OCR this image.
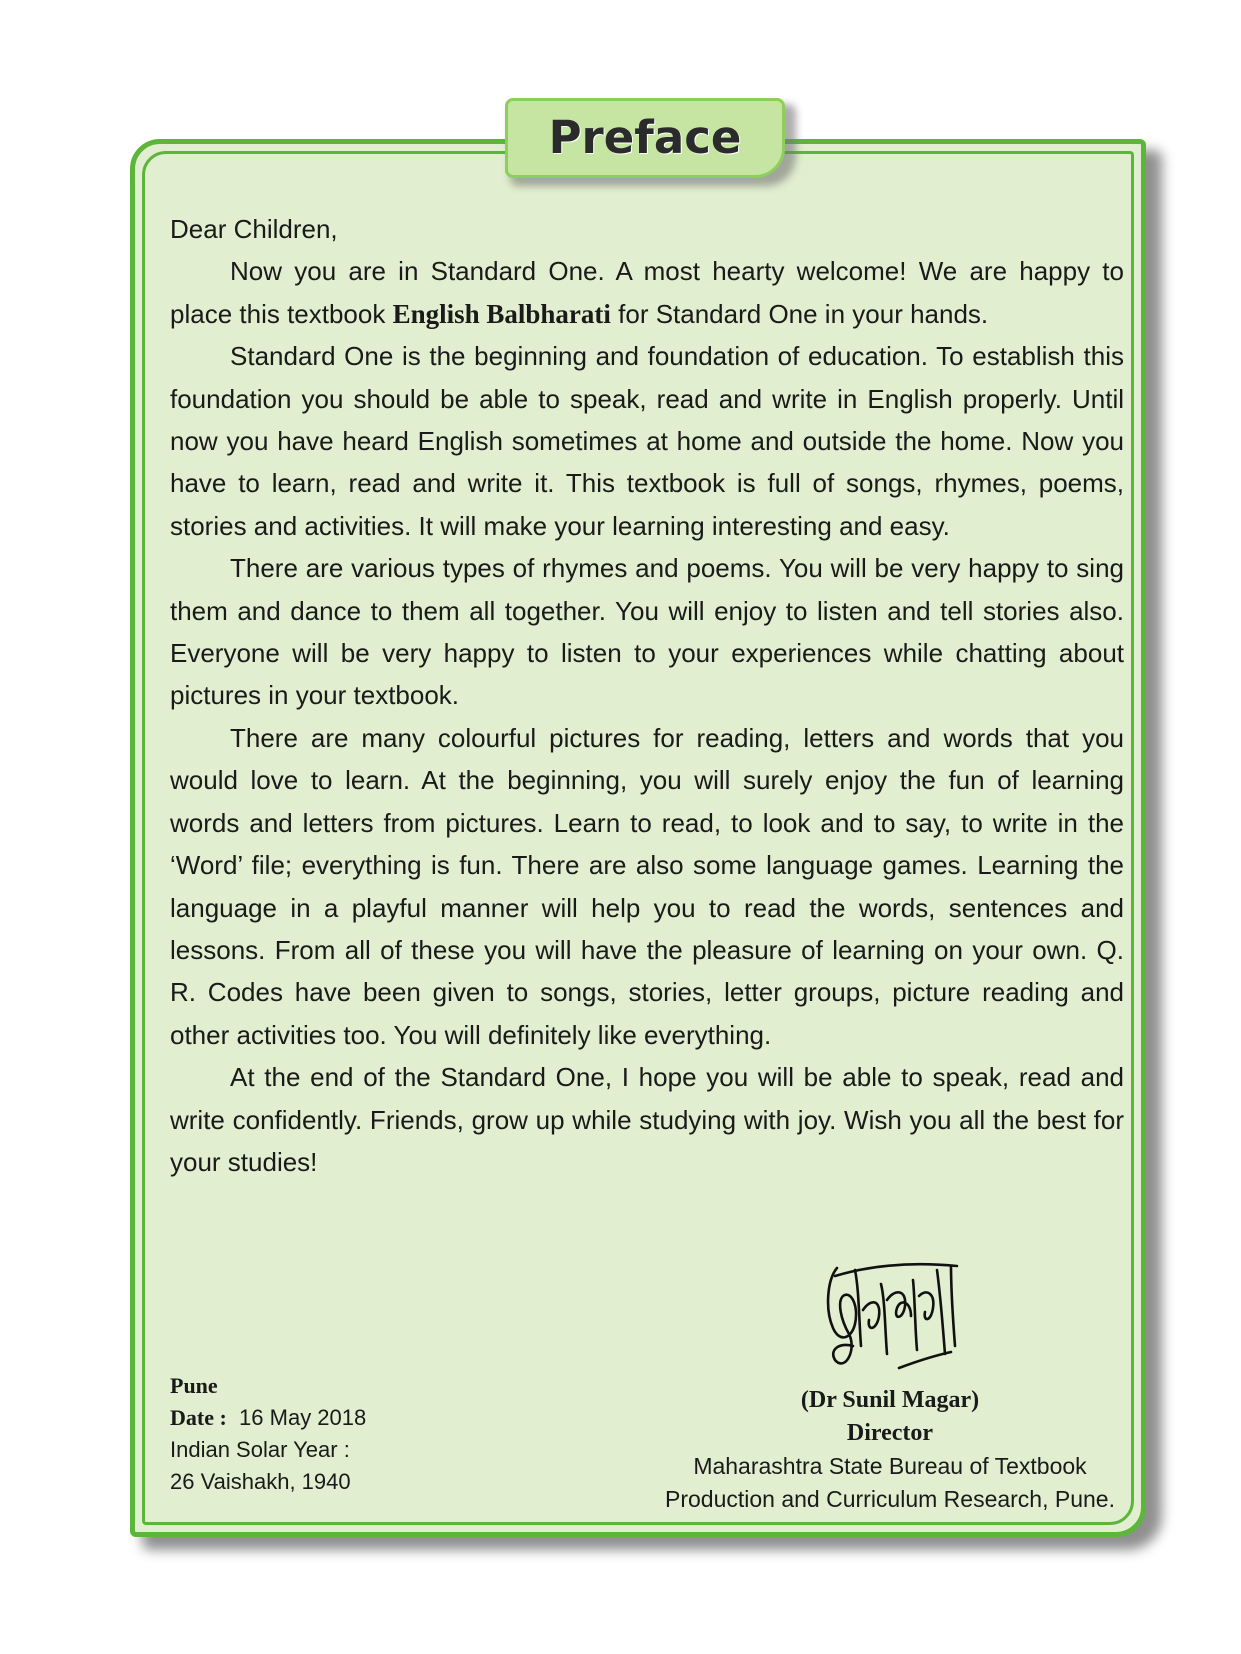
Preface

Dear Children,

Now you are in Standard One. A most hearty welcome! We are happy to place this textbook English Balbharati for Standard One in your hands.

Standard One is the beginning and foundation of education. To establish this foundation you should be able to speak, read and write in English properly. Until now you have heard English sometimes at home and outside the home. Now you have to learn, read and write it. This textbook is full of songs, rhymes, poems, stories and activities. It will make your learning interesting and easy.

There are various types of rhymes and poems. You will be very happy to sing them and dance to them all together. You will enjoy to listen and tell stories also. Everyone will be very happy to listen to your experiences while chatting about pictures in your textbook.

There are many colourful pictures for reading, letters and words that you would love to learn. At the beginning, you will surely enjoy the fun of learning words and letters from pictures. Learn to read, to look and to say, to write in the ‘Word’ file; everything is fun. There are also some language games. Learning the language in a playful manner will help you to read the words, sentences and lessons. From all of these you will have the pleasure of learning on your own. Q. R. Codes have been given to songs, stories, letter groups, picture reading and other activities too. You will definitely like everything.

At the end of the Standard One, I hope you will be able to speak, read and write confidently. Friends, grow up while studying with joy. Wish you all the best for your studies!

Pune
Date : 16 May 2018
Indian Solar Year :
26 Vaishakh, 1940
(Dr Sunil Magar)
Director
Maharashtra State Bureau of Textbook
Production and Curriculum Research, Pune.
